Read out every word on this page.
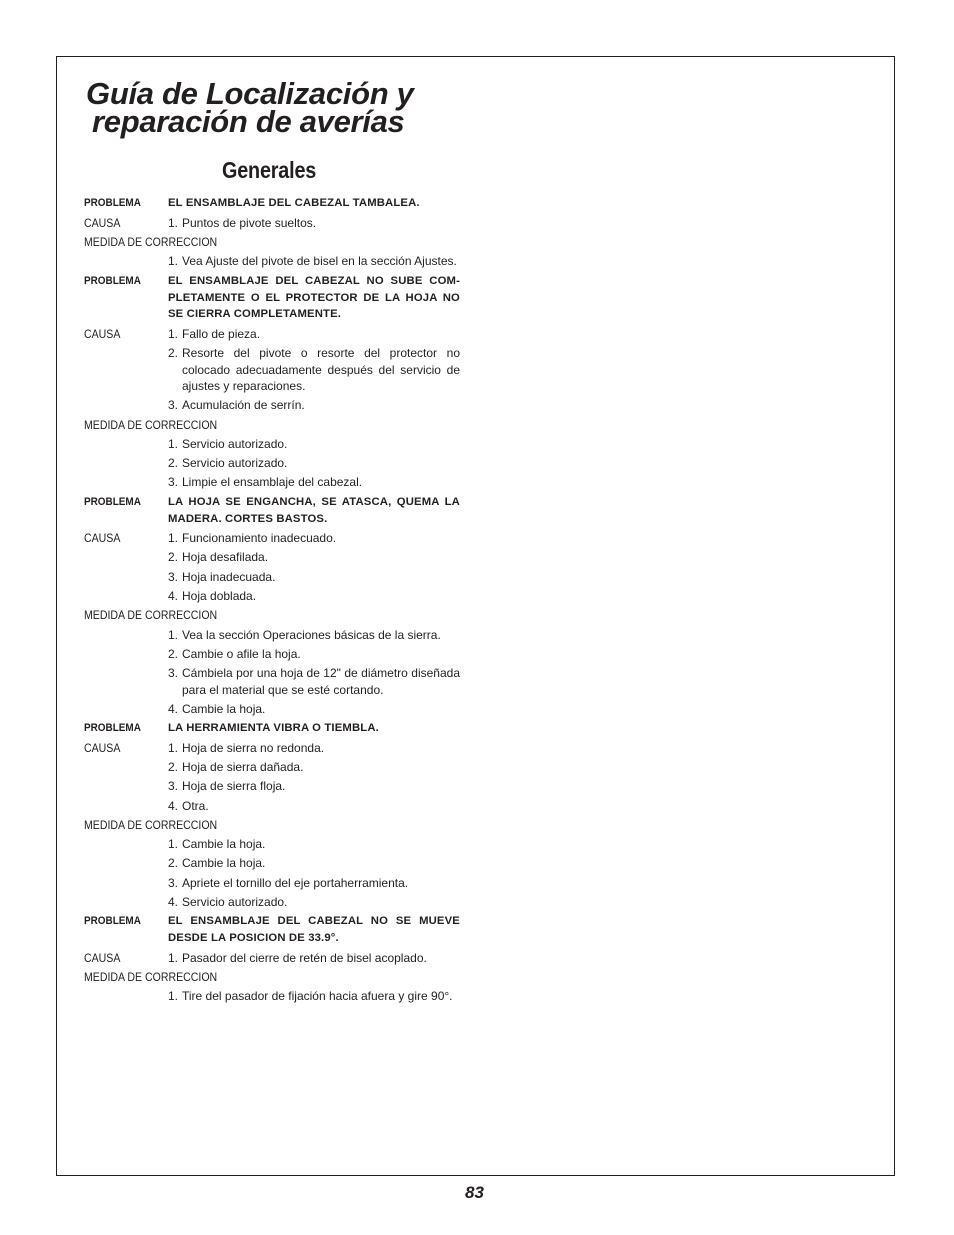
Guía de Localización y
reparación de averías
Generales
PROBLEMA	EL ENSAMBLAJE DEL CABEZAL TAMBALEA.
CAUSA	1. Puntos de pivote sueltos.
MEDIDA DE CORRECCION
1. Vea Ajuste del pivote de bisel en la sección Ajustes.
PROBLEMA	EL ENSAMBLAJE DEL CABEZAL NO SUBE COM-PLETAMENTE O EL PROTECTOR DE LA HOJA NO SE CIERRA COMPLETAMENTE.
CAUSA	1. Fallo de pieza.
2. Resorte del pivote o resorte del protector no colocado adecuadamente después del servicio de ajustes y reparaciones.
3. Acumulación de serrín.
MEDIDA DE CORRECCION
1. Servicio autorizado.
2. Servicio autorizado.
3. Limpie el ensamblaje del cabezal.
PROBLEMA	LA HOJA SE ENGANCHA, SE ATASCA, QUEMA LA MADERA. CORTES BASTOS.
CAUSA	1. Funcionamiento inadecuado.
2. Hoja desafilada.
3. Hoja inadecuada.
4. Hoja doblada.
MEDIDA DE CORRECCION
1. Vea la sección Operaciones básicas de la sierra.
2. Cambie o afile la hoja.
3. Cámbiela por una hoja de 12" de diámetro diseñada para el material que se esté cortando.
4. Cambie la hoja.
PROBLEMA	LA HERRAMIENTA VIBRA O TIEMBLA.
CAUSA	1. Hoja de sierra no redonda.
2. Hoja de sierra dañada.
3. Hoja de sierra floja.
4. Otra.
MEDIDA DE CORRECCION
1. Cambie la hoja.
2. Cambie la hoja.
3. Apriete el tornillo del eje portaherramienta.
4. Servicio autorizado.
PROBLEMA	EL ENSAMBLAJE DEL CABEZAL NO SE MUEVE DESDE LA POSICION DE 33.9°.
CAUSA	1. Pasador del cierre de retén de bisel acoplado.
MEDIDA DE CORRECCION
1. Tire del pasador de fijación hacia afuera y gire 90°.
83
